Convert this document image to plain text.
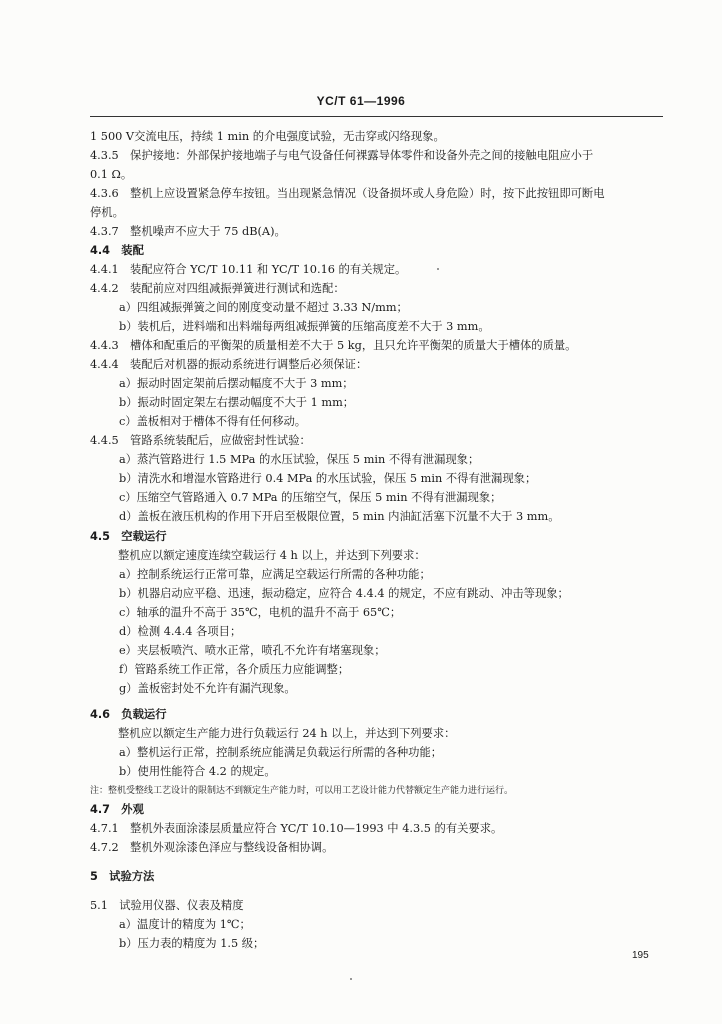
YC/T 61—1996
1 500 V交流电压，持续 1 min 的介电强度试验，无击穿或闪络现象。
4.3.5　保护接地：外部保护接地端子与电气设备任何裸露导体零件和设备外壳之间的接触电阻应小于
0.1 Ω。
4.3.6　整机上应设置紧急停车按钮。当出现紧急情况（设备损坏或人身危险）时，按下此按钮即可断电
停机。
4.3.7　整机噪声不应大于 75 dB(A)。
4.4　装配
4.4.1　装配应符合 YC/T 10.11 和 YC/T 10.16 的有关规定。
4.4.2　装配前应对四组减振弹簧进行测试和选配：
a）四组减振弹簧之间的刚度变动量不超过 3.33 N/mm；
b）装机后，进料端和出料端每两组减振弹簧的压缩高度差不大于 3 mm。
4.4.3　槽体和配重后的平衡架的质量相差不大于 5 kg，且只允许平衡架的质量大于槽体的质量。
4.4.4　装配后对机器的振动系统进行调整后必须保证：
a）振动时固定架前后摆动幅度不大于 3 mm；
b）振动时固定架左右摆动幅度不大于 1 mm；
c）盖板相对于槽体不得有任何移动。
4.4.5　管路系统装配后，应做密封性试验：
a）蒸汽管路进行 1.5 MPa 的水压试验，保压 5 min 不得有泄漏现象；
b）清洗水和增湿水管路进行 0.4 MPa 的水压试验，保压 5 min 不得有泄漏现象；
c）压缩空气管路通入 0.7 MPa 的压缩空气，保压 5 min 不得有泄漏现象；
d）盖板在液压机构的作用下开启至极限位置，5 min 内油缸活塞下沉量不大于 3 mm。
4.5　空载运行
整机应以额定速度连续空载运行 4 h 以上，并达到下列要求：
a）控制系统运行正常可靠，应满足空载运行所需的各种功能；
b）机器启动应平稳、迅速，振动稳定，应符合 4.4.4 的规定，不应有跳动、冲击等现象；
c）轴承的温升不高于 35℃，电机的温升不高于 65℃；
d）检测 4.4.4 各项目；
e）夹层板喷汽、喷水正常，喷孔不允许有堵塞现象；
f）管路系统工作正常，各介质压力应能调整；
g）盖板密封处不允许有漏汽现象。
4.6　负载运行
整机应以额定生产能力进行负载运行 24 h 以上，并达到下列要求：
a）整机运行正常，控制系统应能满足负载运行所需的各种功能；
b）使用性能符合 4.2 的规定。
注：整机受整线工艺设计的限制达不到额定生产能力时，可以用工艺设计能力代替额定生产能力进行运行。
4.7　外观
4.7.1　整机外表面涂漆层质量应符合 YC/T 10.10—1993 中 4.3.5 的有关要求。
4.7.2　整机外观涂漆色泽应与整线设备相协调。
5　试验方法
5.1　试验用仪器、仪表及精度
a）温度计的精度为 1℃；
b）压力表的精度为 1.5 级；
195
